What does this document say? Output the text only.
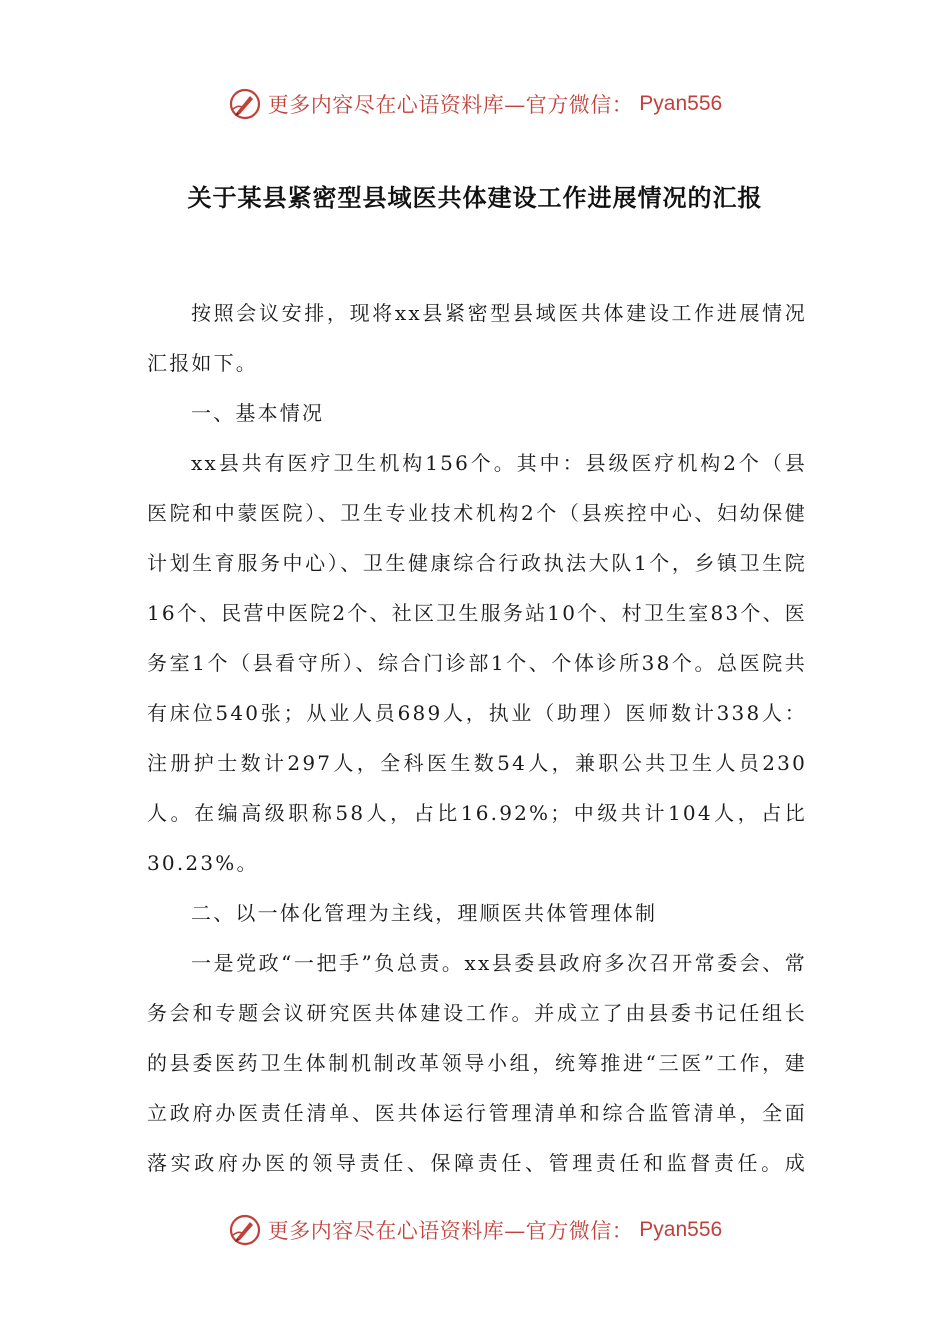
更多内容尽在心语资料库—官方微信： Pyan556
关于某县紧密型县域医共体建设工作进展情况的汇报

按照会议安排，现将xx县紧密型县域医共体建设工作进展情况汇报如下。

一、基本情况

xx县共有医疗卫生机构156个。其中：县级医疗机构2个（县医院和中蒙医院）、卫生专业技术机构2个（县疾控中心、妇幼保健计划生育服务中心）、卫生健康综合行政执法大队1个，乡镇卫生院16个、民营中医院2个、社区卫生服务站10个、村卫生室83个、医务室1个（县看守所）、综合门诊部1个、个体诊所38个。总医院共有床位540张；从业人员689人，执业（助理）医师数计338人：注册护士数计297人，全科医生数54人，兼职公共卫生人员230人。在编高级职称58人，占比16.92%；中级共计104人，占比30.23%。

二、以一体化管理为主线，理顺医共体管理体制

一是党政“一把手”负总责。xx县委县政府多次召开常委会、常务会和专题会议研究医共体建设工作。并成立了由县委书记任组长的县委医药卫生体制机制改革领导小组，统筹推进“三医”工作，建立政府办医责任清单、医共体运行管理清单和综合监管清单，全面落实政府办医的领导责任、保障责任、管理责任和监督责任。成

更多内容尽在心语资料库—官方微信： Pyan556
